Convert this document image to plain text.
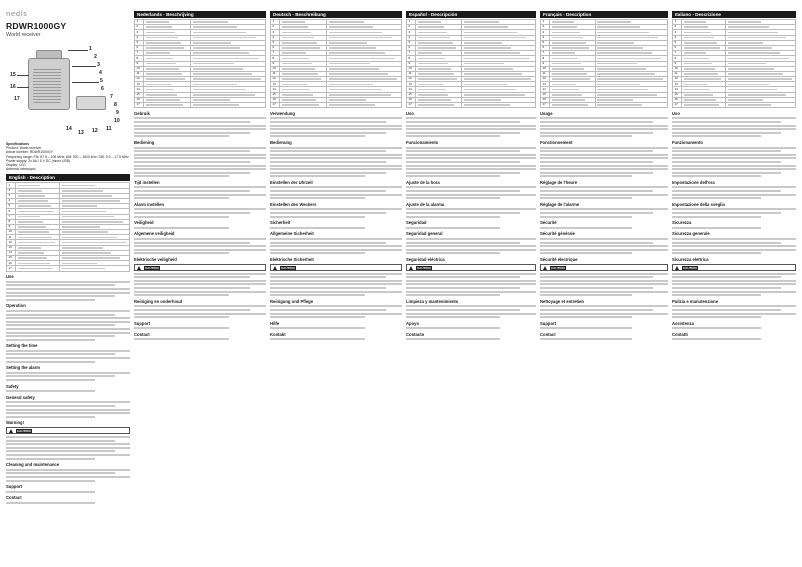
nedis
RDWR1000GY
World receiver
1
2
3
4
5
6
7
8
9
10
11
12
13
14
15
16
17
Specifications
Product: World receiver
Article number: RDWR1000GY
Frequency range: FM: 87.5 – 108 MHz; AM: 520 – 1620 kHz; SW: 5.9 – 17.9 MHz
Power supply: 2x AA / 5 V DC (micro USB)
Display: LCD
Antenna: telescopic
English - Description
1	

2	

3	

4	

5	

6	

7	

8	

9	

10	

11	

12	

13	

14	

15	

16	

17	

Use
Operation
Setting the time
Setting the alarm
Safety
General safety
Warning!
CAUTION
Cleaning and maintenance
Support
Contact
Nederlands - Beschrijving
1	

2	

3	

4	

5	

6	

7	

8	

9	

10	

11	

12	

13	

14	

15	

16	

17	

Gebruik
Bediening
Tijd instellen
Alarm instellen
Veiligheid
Algemene veiligheid
Elektrische veiligheid
CAUTION
Reiniging en onderhoud
Support
Contact
Deutsch - Beschreibung
1	

2	

3	

4	

5	

6	

7	

8	

9	

10	

11	

12	

13	

14	

15	

16	

17	

Verwendung
Bedienung
Einstellen der Uhrzeit
Einstellen des Weckers
Sicherheit
Allgemeine Sicherheit
Elektrische Sicherheit
CAUTION
Reinigung und Pflege
Hilfe
Kontakt
Español - Descripción
1	

2	

3	

4	

5	

6	

7	

8	

9	

10	

11	

12	

13	

14	

15	

16	

17	

Uso
Funcionamiento
Ajuste de la hora
Ajuste de la alarma
Seguridad
Seguridad general
Seguridad eléctrica
CAUTION
Limpieza y mantenimiento
Apoyo
Contacto
Français - Description
1	

2	

3	

4	

5	

6	

7	

8	

9	

10	

11	

12	

13	

14	

15	

16	

17	

Usage
Fonctionnement
Réglage de l'heure
Réglage de l'alarme
Sécurité
Sécurité générale
Sécurité électrique
CAUTION
Nettoyage et entretien
Support
Contact
Italiano - Descrizione
1	

2	

3	

4	

5	

6	

7	

8	

9	

10	

11	

12	

13	

14	

15	

16	

17	

Uso
Funzionamento
Impostazione dell'ora
Impostazione della sveglia
Sicurezza
Sicurezza generale
Sicurezza elettrica
CAUTION
Pulizia e manutenzione
Assistenza
Contatti
